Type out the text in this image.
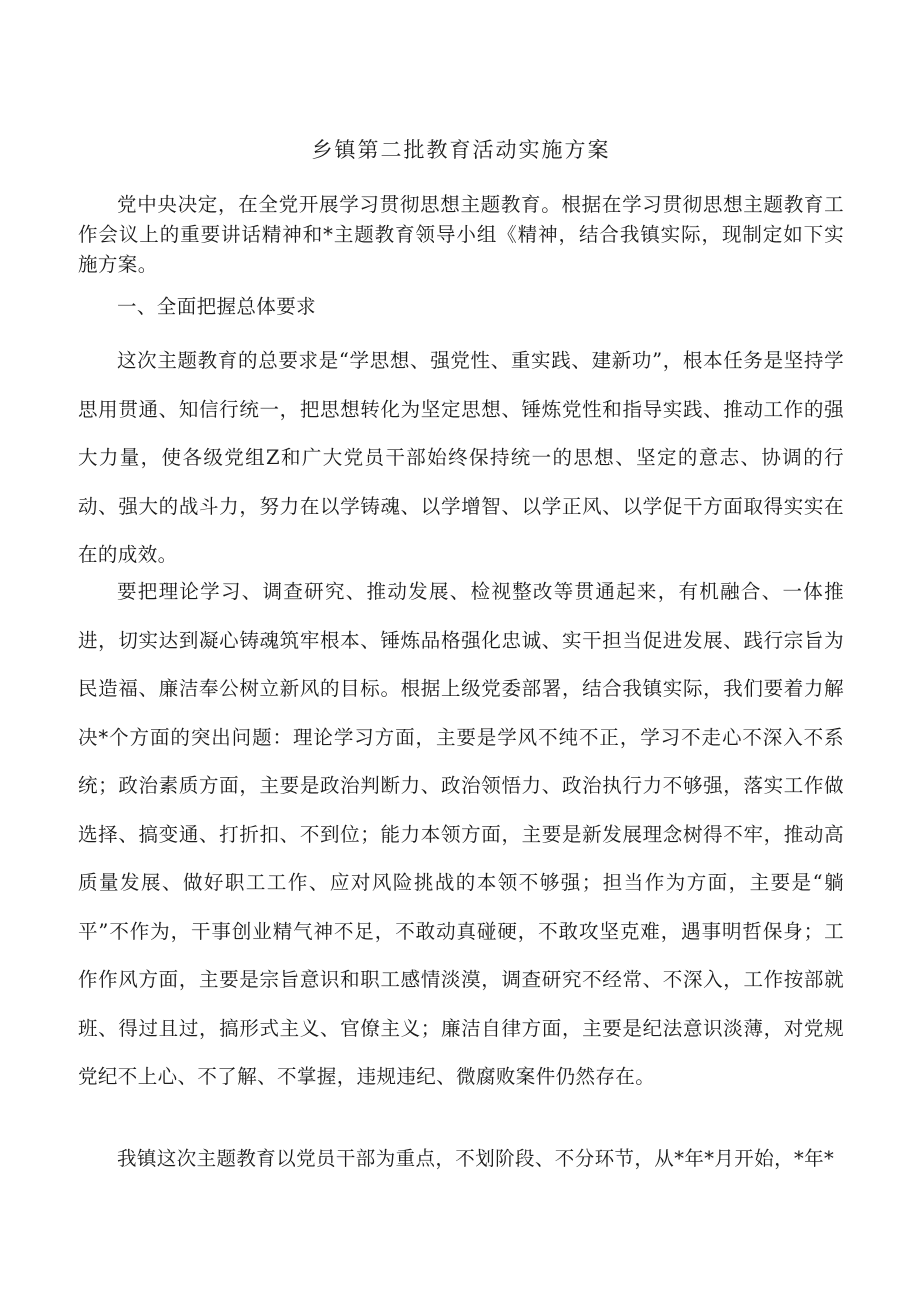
乡镇第二批教育活动实施方案

党中央决定，在全党开展学习贯彻思想主题教育。根据在学习贯彻思想主题教育工作会议上的重要讲话精神和*主题教育领导小组《精神，结合我镇实际，现制定如下实施方案。

一、全面把握总体要求

这次主题教育的总要求是“学思想、强党性、重实践、建新功”，根本任务是坚持学思用贯通、知信行统一，把思想转化为坚定思想、锤炼党性和指导实践、推动工作的强大力量，使各级党组Z和广大党员干部始终保持统一的思想、坚定的意志、协调的行动、强大的战斗力，努力在以学铸魂、以学增智、以学正风、以学促干方面取得实实在在的成效。

要把理论学习、调查研究、推动发展、检视整改等贯通起来，有机融合、一体推进，切实达到凝心铸魂筑牢根本、锤炼品格强化忠诚、实干担当促进发展、践行宗旨为民造福、廉洁奉公树立新风的目标。根据上级党委部署，结合我镇实际，我们要着力解决*个方面的突出问题：理论学习方面，主要是学风不纯不正，学习不走心不深入不系统；政治素质方面，主要是政治判断力、政治领悟力、政治执行力不够强，落实工作做选择、搞变通、打折扣、不到位；能力本领方面，主要是新发展理念树得不牢，推动高质量发展、做好职工工作、应对风险挑战的本领不够强；担当作为方面，主要是“躺平”不作为，干事创业精气神不足，不敢动真碰硬，不敢攻坚克难，遇事明哲保身；工作作风方面，主要是宗旨意识和职工感情淡漠，调查研究不经常、不深入，工作按部就班、得过且过，搞形式主义、官僚主义；廉洁自律方面，主要是纪法意识淡薄，对党规党纪不上心、不了解、不掌握，违规违纪、微腐败案件仍然存在。

我镇这次主题教育以党员干部为重点，不划阶段、不分环节，从*年*月开始，*年*
